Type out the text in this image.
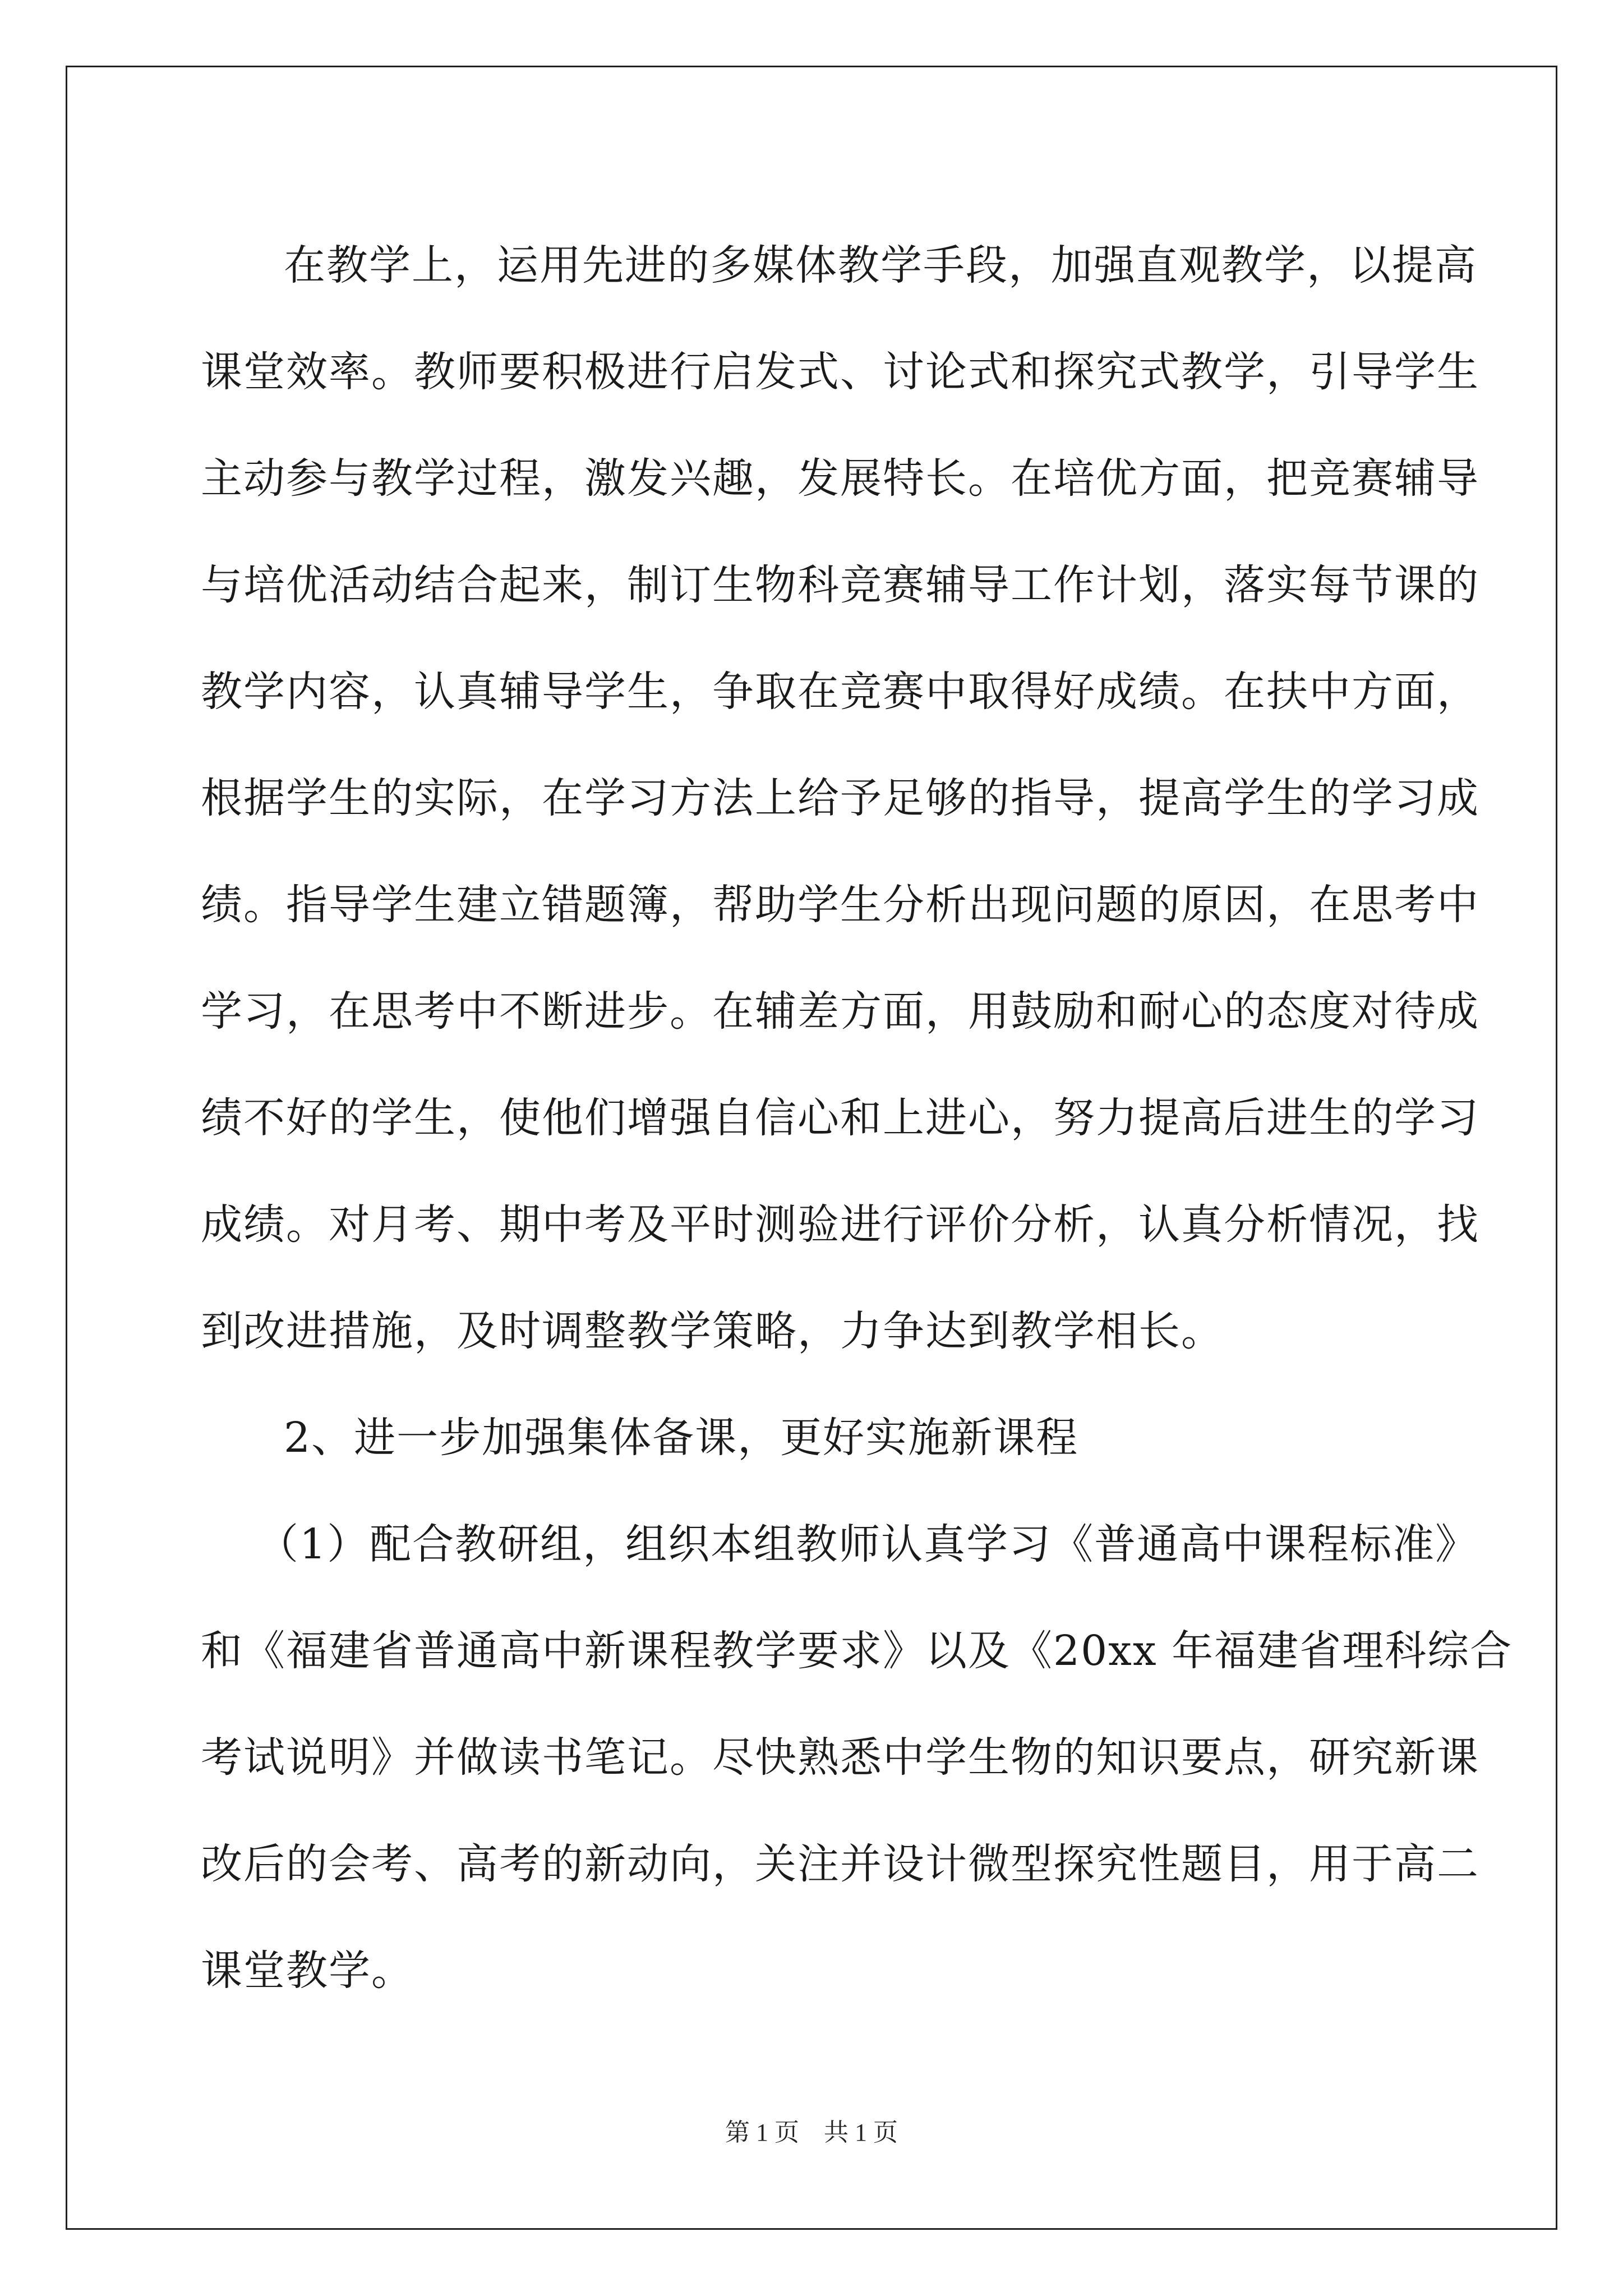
在教学上，运用先进的多媒体教学手段，加强直观教学，以提高
课堂效率。教师要积极进行启发式、讨论式和探究式教学，引导学生
主动参与教学过程，激发兴趣，发展特长。在培优方面，把竞赛辅导
与培优活动结合起来，制订生物科竞赛辅导工作计划，落实每节课的
教学内容，认真辅导学生，争取在竞赛中取得好成绩。在扶中方面，
根据学生的实际，在学习方法上给予足够的指导，提高学生的学习成
绩。指导学生建立错题簿，帮助学生分析出现问题的原因，在思考中
学习，在思考中不断进步。在辅差方面，用鼓励和耐心的态度对待成
绩不好的学生，使他们增强自信心和上进心，努力提高后进生的学习
成绩。对月考、期中考及平时测验进行评价分析，认真分析情况，找
到改进措施，及时调整教学策略，力争达到教学相长。
2、进一步加强集体备课，更好实施新课程
（1）配合教研组，组织本组教师认真学习《普通高中课程标准》
和《福建省普通高中新课程教学要求》以及《20xx 年福建省理科综合
考试说明》并做读书笔记。尽快熟悉中学生物的知识要点，研究新课
改后的会考、高考的新动向，关注并设计微型探究性题目，用于高二
课堂教学。
第 1 页　共 1 页
